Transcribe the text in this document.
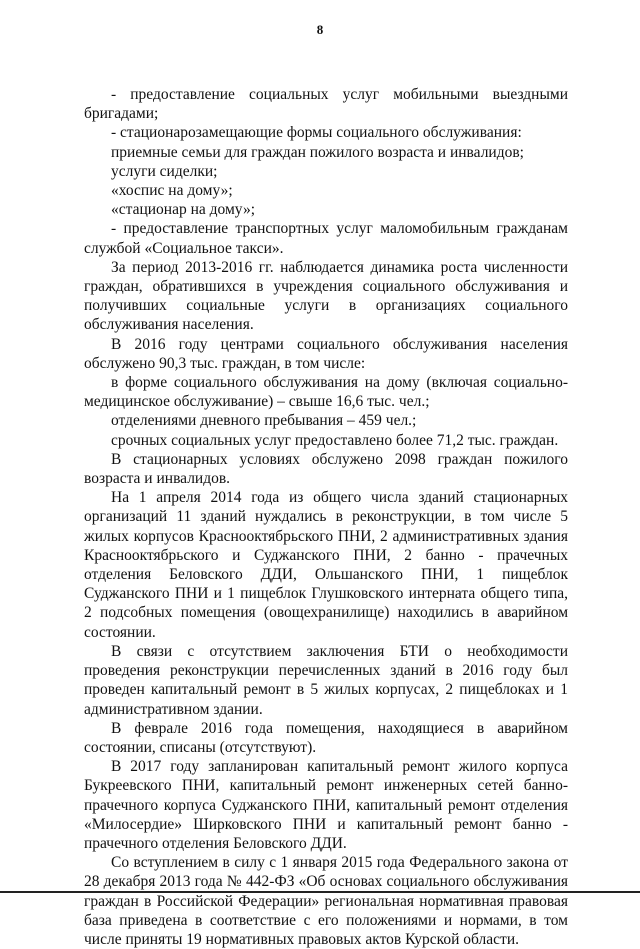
8

- предоставление социальных услуг мобильными выездными бригадами;

- стационарозамещающие формы социального обслуживания:

приемные семьи для граждан пожилого возраста и инвалидов;

услуги сиделки;

«хоспис на дому»;

«стационар на дому»;

- предоставление транспортных услуг маломобильным гражданам службой «Социальное такси».

За период 2013-2016 гг. наблюдается динамика роста численности граждан, обратившихся в учреждения социального обслуживания и получивших социальные услуги в организациях социального обслуживания населения.

В 2016 году центрами социального обслуживания населения обслужено 90,3 тыс. граждан, в том числе:

в форме социального обслуживания на дому (включая социально-медицинское обслуживание) – свыше 16,6 тыс. чел.;

отделениями дневного пребывания – 459 чел.;

срочных социальных услуг предоставлено более 71,2 тыс. граждан.

В стационарных условиях обслужено 2098 граждан пожилого возраста и инвалидов.

На 1 апреля 2014 года из общего числа зданий стационарных организаций 11 зданий нуждались в реконструкции, в том числе 5 жилых корпусов Краснооктябрьского ПНИ, 2 административных здания Краснооктябрьского и Суджанского ПНИ, 2 банно - прачечных отделения Беловского ДДИ, Ольшанского ПНИ, 1 пищеблок Суджанского ПНИ и 1 пищеблок Глушковского интерната общего типа, 2 подсобных помещения (овощехранилище) находились в аварийном состоянии.

В связи с отсутствием заключения БТИ о необходимости проведения реконструкции перечисленных зданий в 2016 году был проведен капитальный ремонт в 5 жилых корпусах, 2 пищеблоках и 1 административном здании.

В феврале 2016 года помещения, находящиеся в аварийном состоянии, списаны (отсутствуют).

В 2017 году запланирован капитальный ремонт жилого корпуса Букреевского ПНИ, капитальный ремонт инженерных сетей банно-прачечного корпуса Суджанского ПНИ, капитальный ремонт отделения «Милосердие» Ширковского ПНИ и капитальный ремонт банно - прачечного отделения Беловского ДДИ.

Со вступлением в силу с 1 января 2015 года Федерального закона от 28 декабря 2013 года № 442-ФЗ «Об основах социального обслуживания граждан в Российской Федерации» региональная нормативная правовая база приведена в соответствие с его положениями и нормами, в том числе приняты 19 нормативных правовых актов Курской области.
